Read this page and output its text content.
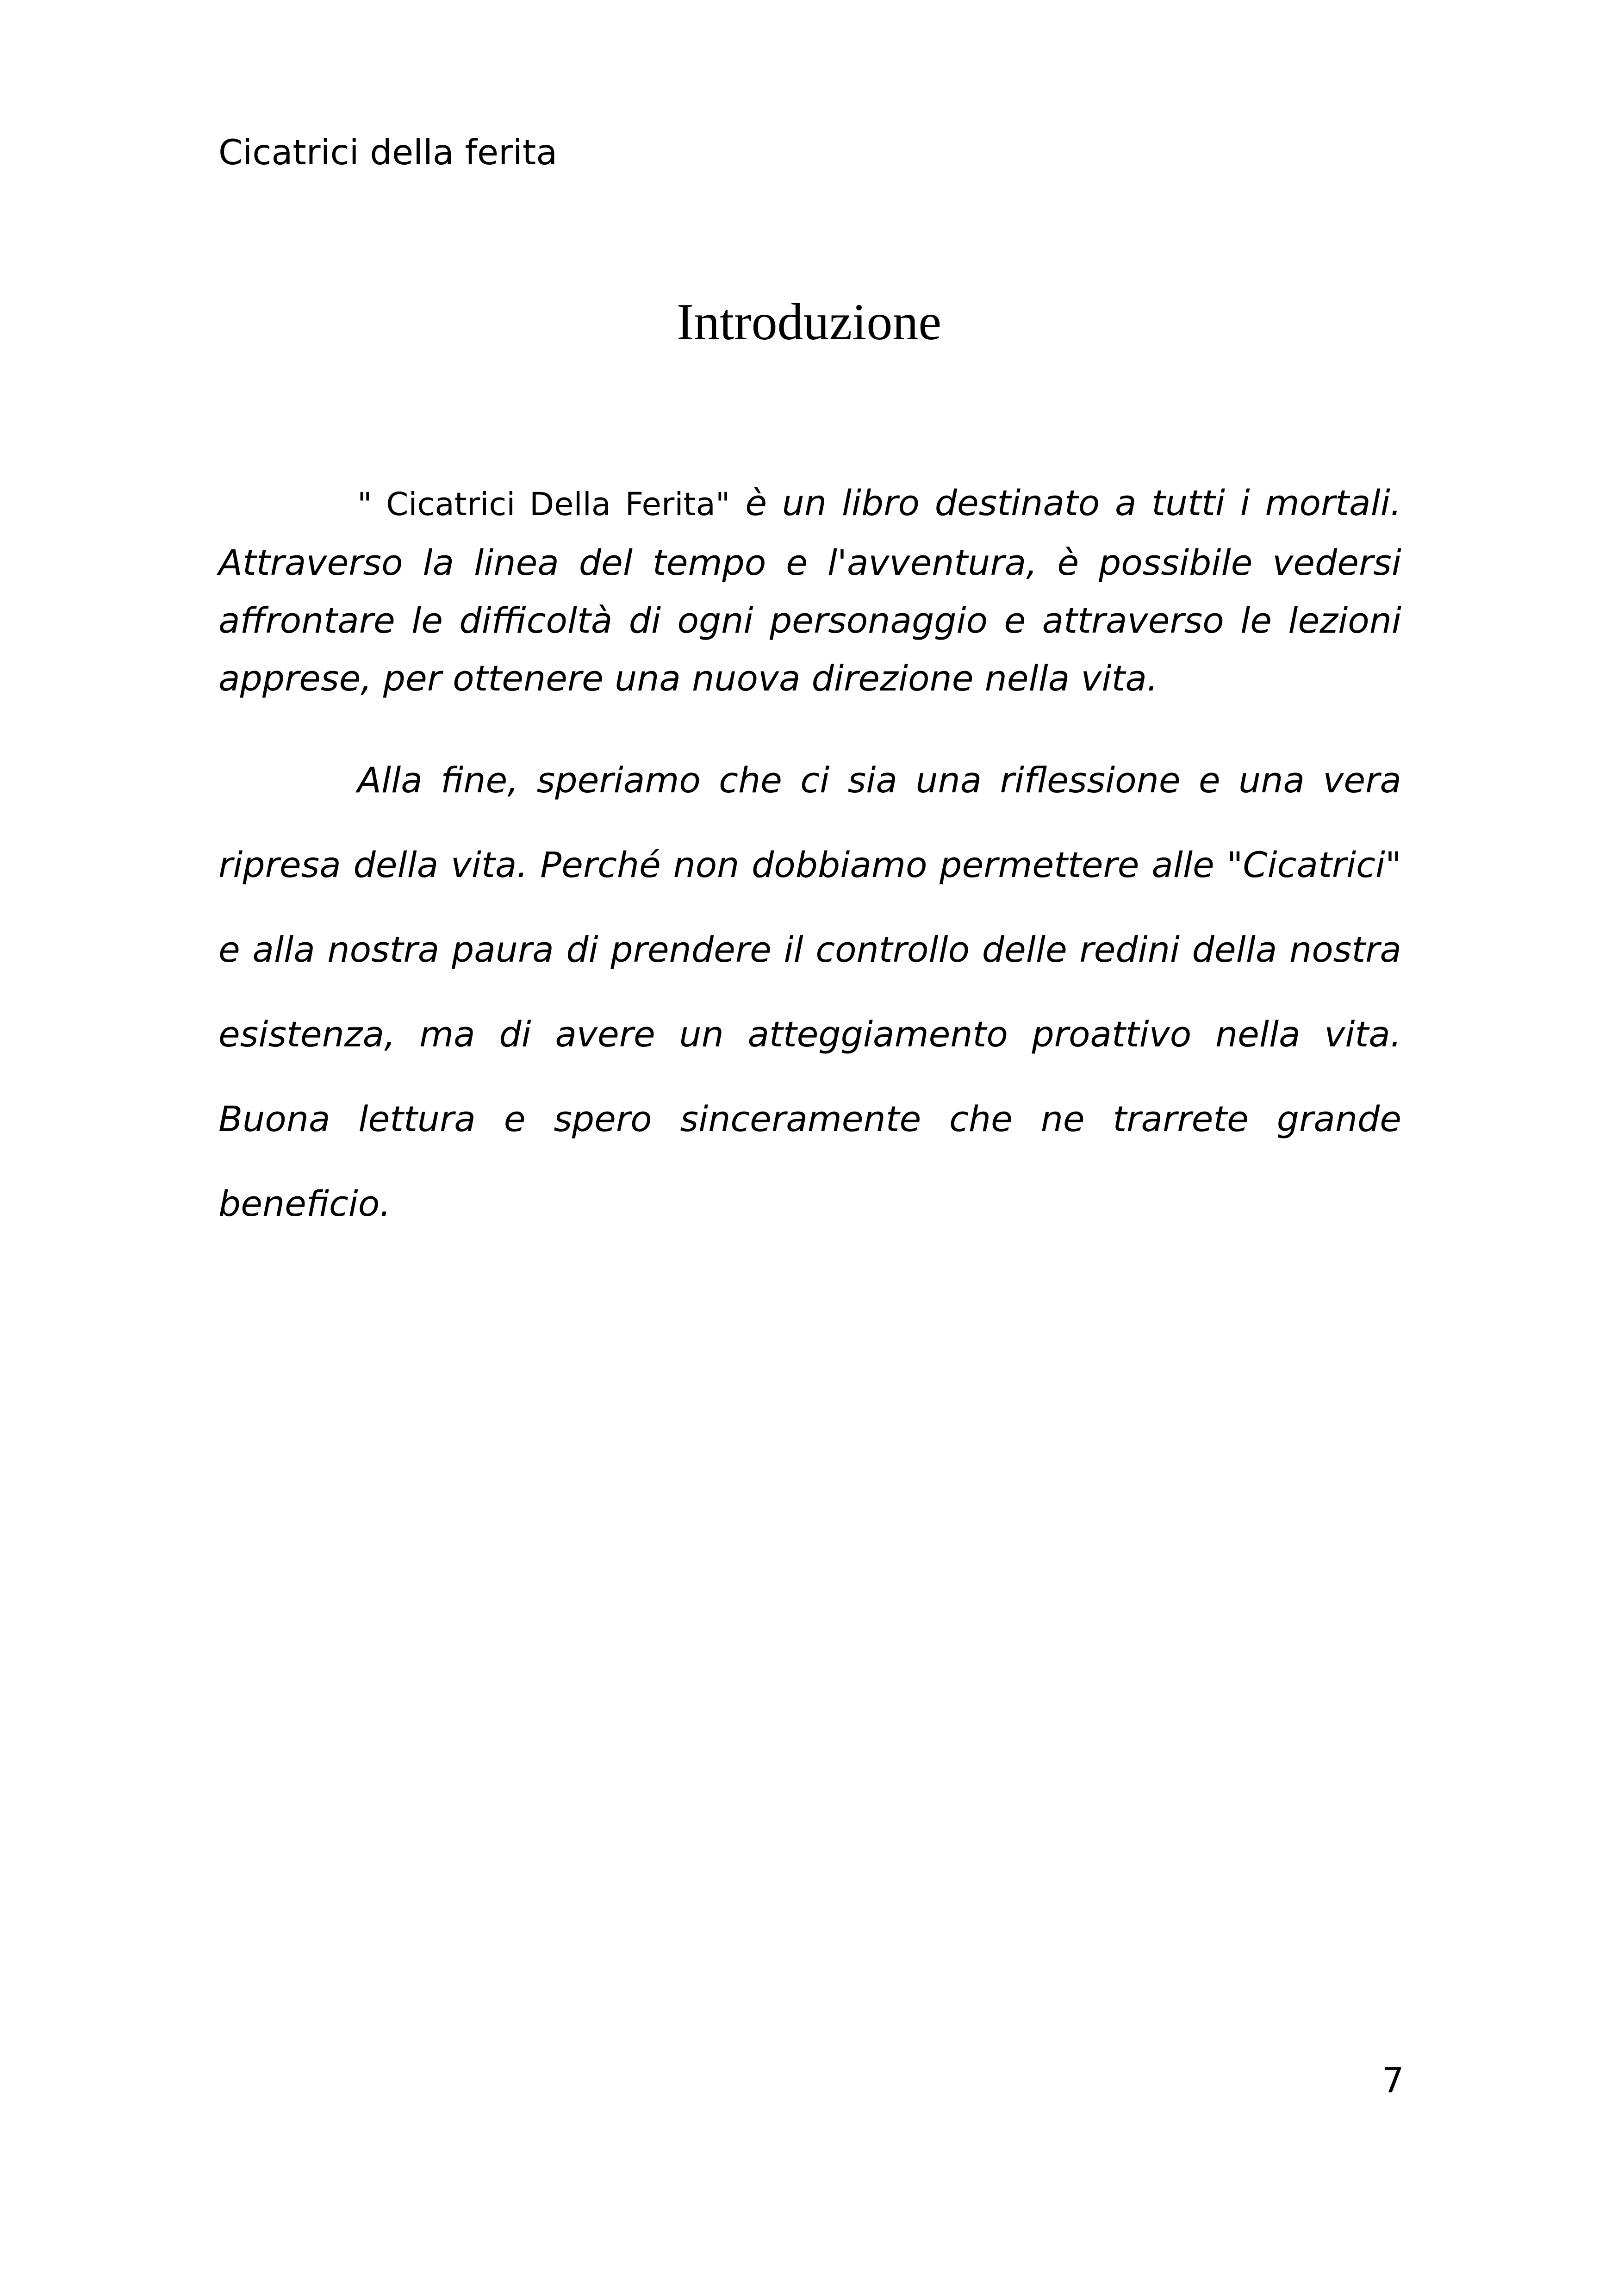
Cicatrici della ferita
Introduzione

" Cicatrici Della Ferita" è un libro destinato a tutti i mortali. Attraverso la linea del tempo e l'avventura, è possibile vedersi affrontare le difficoltà di ogni personaggio e attraverso le lezioni apprese, per ottenere una nuova direzione nella vita.

Alla fine, speriamo che ci sia una riflessione e una vera ripresa della vita. Perché non dobbiamo permettere alle "Cicatrici" e alla nostra paura di prendere il controllo delle redini della nostra esistenza, ma di avere un atteggiamento proattivo nella vita. Buona lettura e spero sinceramente che ne trarrete grande beneficio.

7
